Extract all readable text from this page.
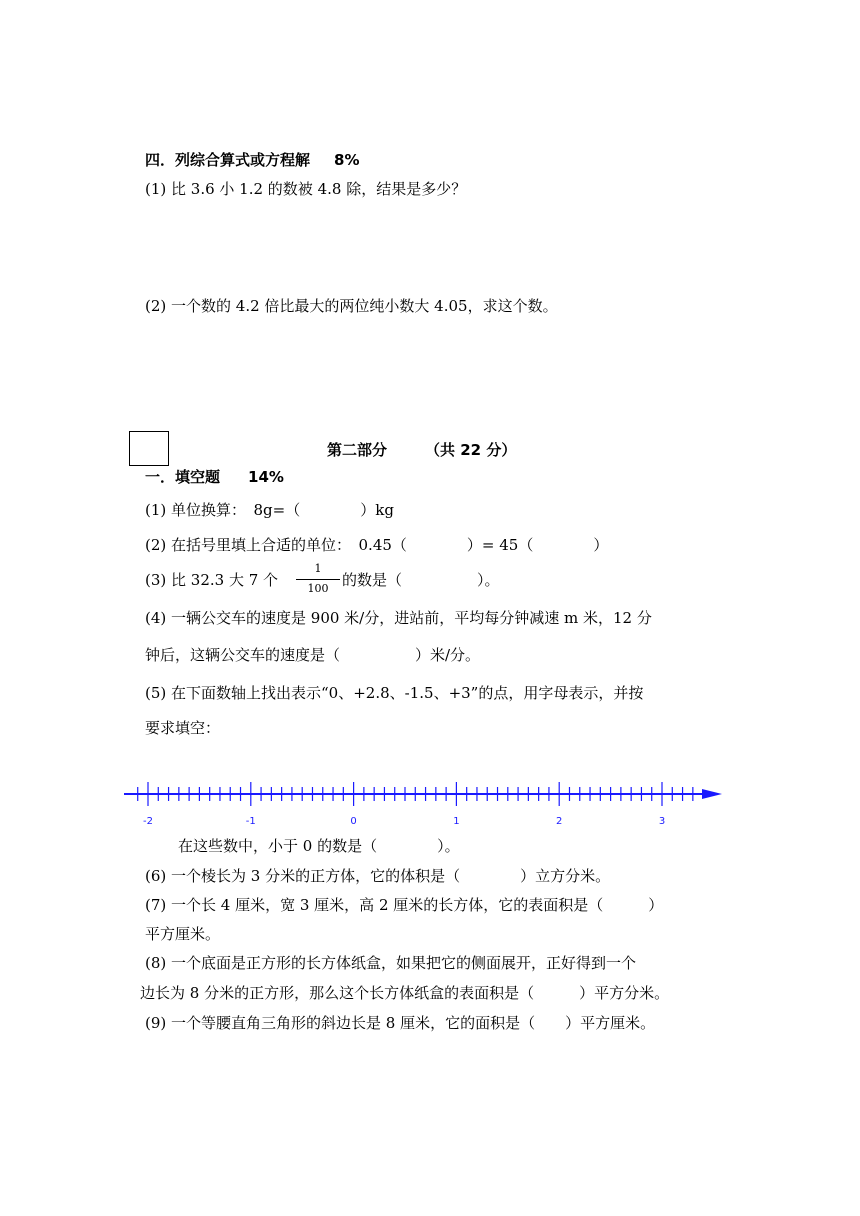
四．列综合算式或方程解 8%
(1) 比 3.6 小 1.2 的数被 4.8 除，结果是多少？
(2) 一个数的 4.2 倍比最大的两位纯小数大 4.05，求这个数。
第二部分	（共 22 分）
一．填空题 14%
(1) 单位换算：　8g=（　　　　）kg
(2) 在括号里填上合适的单位：　0.45（　　　　）= 45（　　　　）
(3) 比 32.3 大 7 个
1
100 的数是（　　　　　）。
(4) 一辆公交车的速度是 900 米/分，进站前，平均每分钟减速 m 米，12 分
钟后，这辆公交车的速度是（　　　　　）米/分。
(5) 在下面数轴上找出表示“0、+2.8、-1.5、+3”的点，用字母表示，并按
要求填空：
-2	-1	0	1	2	3
在这些数中，小于 0 的数是（　　　　）。
(6) 一个棱长为 3 分米的正方体，它的体积是（　　　　）立方分米。
(7) 一个长 4 厘米，宽 3 厘米，高 2 厘米的长方体，它的表面积是（　　　）
平方厘米。
(8) 一个底面是正方形的长方体纸盒，如果把它的侧面展开，正好得到一个
边长为 8 分米的正方形，那么这个长方体纸盒的表面积是（　　　）平方分米。
(9) 一个等腰直角三角形的斜边长是 8 厘米，它的面积是（　　）平方厘米。
